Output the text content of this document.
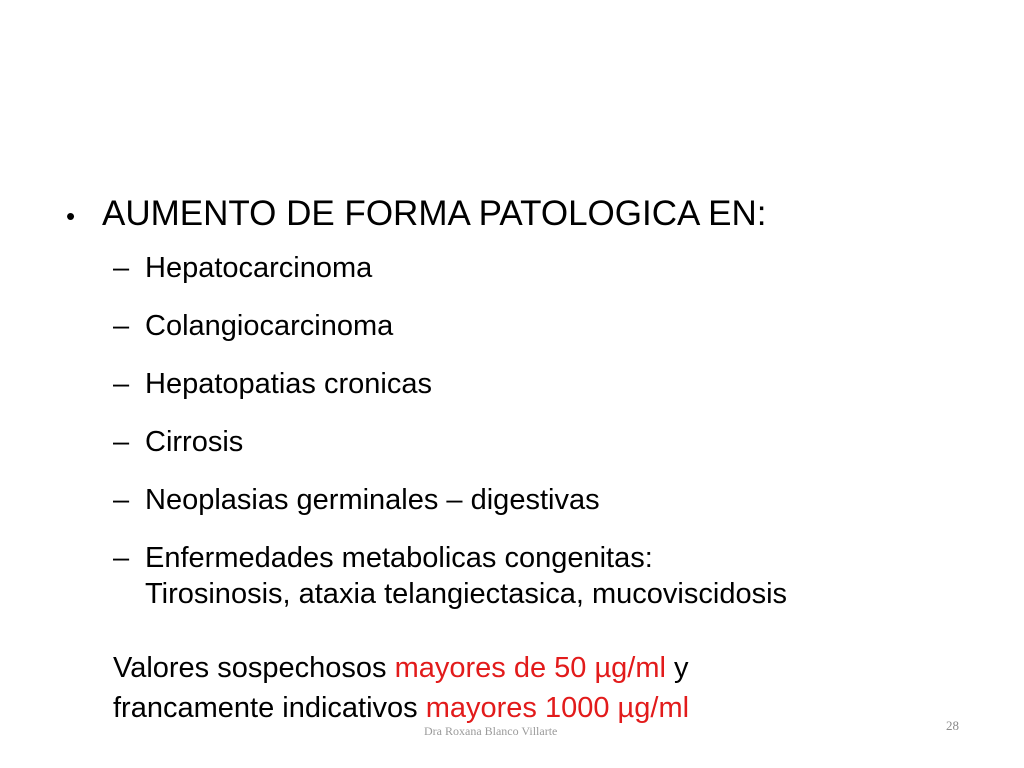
• AUMENTO DE FORMA PATOLOGICA EN:
– Hepatocarcinoma
– Colangiocarcinoma
– Hepatopatias cronicas
– Cirrosis
– Neoplasias germinales – digestivas
– Enfermedades metabolicas congenitas:
Tirosinosis, ataxia telangiectasica, mucoviscidosis
Valores sospechosos mayores de 50 µg/ml y
francamente indicativos mayores 1000 µg/ml
Dra Roxana Blanco Villarte	28
